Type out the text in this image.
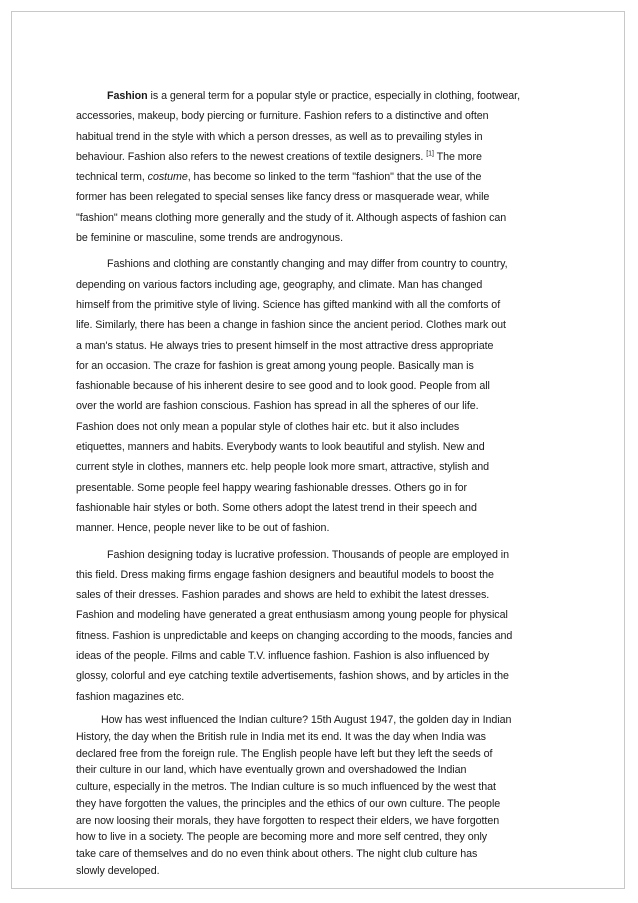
Fashion is a general term for a popular style or practice, especially in clothing, footwear,
accessories, makeup, body piercing or furniture. Fashion refers to a distinctive and often
habitual trend in the style with which a person dresses, as well as to prevailing styles in
behaviour. Fashion also refers to the newest creations of textile designers. [1] The more
technical term, costume, has become so linked to the term "fashion" that the use of the
former has been relegated to special senses like fancy dress or masquerade wear, while
"fashion" means clothing more generally and the study of it. Although aspects of fashion can
be feminine or masculine, some trends are androgynous.

Fashions and clothing are constantly changing and may differ from country to country,
depending on various factors including age, geography, and climate. Man has changed
himself from the primitive style of living. Science has gifted mankind with all the comforts of
life. Similarly, there has been a change in fashion since the ancient period. Clothes mark out
a man's status. He always tries to present himself in the most attractive dress appropriate
for an occasion. The craze for fashion is great among young people. Basically man is
fashionable because of his inherent desire to see good and to look good. People from all
over the world are fashion conscious. Fashion has spread in all the spheres of our life.
Fashion does not only mean a popular style of clothes hair etc. but it also includes
etiquettes, manners and habits. Everybody wants to look beautiful and stylish. New and
current style in clothes, manners etc. help people look more smart, attractive, stylish and
presentable. Some people feel happy wearing fashionable dresses. Others go in for
fashionable hair styles or both. Some others adopt the latest trend in their speech and
manner. Hence, people never like to be out of fashion.

Fashion designing today is lucrative profession. Thousands of people are employed in
this field. Dress making firms engage fashion designers and beautiful models to boost the
sales of their dresses. Fashion parades and shows are held to exhibit the latest dresses.
Fashion and modeling have generated a great enthusiasm among young people for physical
fitness. Fashion is unpredictable and keeps on changing according to the moods, fancies and
ideas of the people. Films and cable T.V. influence fashion. Fashion is also influenced by
glossy, colorful and eye catching textile advertisements, fashion shows, and by articles in the
fashion magazines etc.

How has west influenced the Indian culture? 15th August 1947, the golden day in Indian
History, the day when the British rule in India met its end. It was the day when India was
declared free from the foreign rule. The English people have left but they left the seeds of
their culture in our land, which have eventually grown and overshadowed the Indian
culture, especially in the metros. The Indian culture is so much influenced by the west that
they have forgotten the values, the principles and the ethics of our own culture. The people
are now loosing their morals, they have forgotten to respect their elders, we have forgotten
how to live in a society. The people are becoming more and more self centred, they only
take care of themselves and do no even think about others. The night club culture has
slowly developed.
